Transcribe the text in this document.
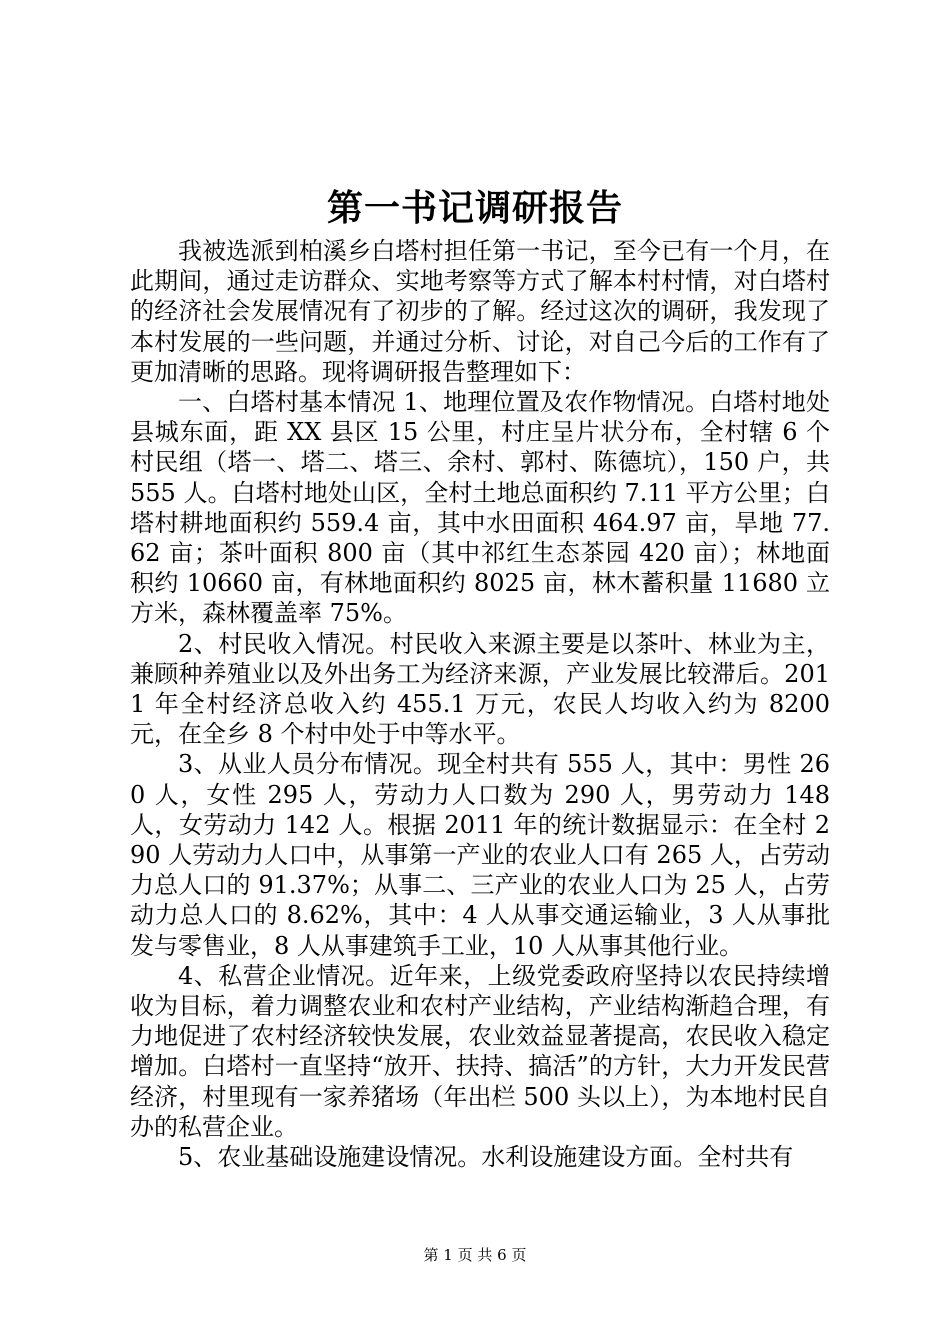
第一书记调研报告

我被选派到柏溪乡白塔村担任第一书记，至今已有一个月，在此期间，通过走访群众、实地考察等方式了解本村村情，对白塔村的经济社会发展情况有了初步的了解。经过这次的调研，我发现了本村发展的一些问题，并通过分析、讨论，对自己今后的工作有了更加清晰的思路。现将调研报告整理如下：

一、白塔村基本情况 1、地理位置及农作物情况。白塔村地处县城东面，距 XX 县区 15 公里，村庄呈片状分布，全村辖 6 个村民组（塔一、塔二、塔三、余村、郭村、陈德坑），150 户，共 555 人。白塔村地处山区，全村土地总面积约 7.11 平方公里；白塔村耕地面积约 559.4 亩，其中水田面积 464.97 亩，旱地 77.62 亩；茶叶面积 800 亩（其中祁红生态茶园 420 亩）；林地面积约 10660 亩，有林地面积约 8025 亩，林木蓄积量 11680 立方米，森林覆盖率 75%。

2、村民收入情况。村民收入来源主要是以茶叶、林业为主，兼顾种养殖业以及外出务工为经济来源，产业发展比较滞后。2011 年全村经济总收入约 455.1 万元，农民人均收入约为 8200 元，在全乡 8 个村中处于中等水平。

3、从业人员分布情况。现全村共有 555 人，其中：男性 260 人，女性 295 人，劳动力人口数为 290 人，男劳动力 148 人，女劳动力 142 人。根据 2011 年的统计数据显示：在全村 290 人劳动力人口中，从事第一产业的农业人口有 265 人，占劳动力总人口的 91.37%；从事二、三产业的农业人口为 25 人，占劳动力总人口的 8.62%，其中：4 人从事交通运输业，3 人从事批发与零售业，8 人从事建筑手工业，10 人从事其他行业。

4、私营企业情况。近年来，上级党委政府坚持以农民持续增收为目标，着力调整农业和农村产业结构，产业结构渐趋合理，有力地促进了农村经济较快发展，农业效益显著提高，农民收入稳定增加。白塔村一直坚持“放开、扶持、搞活”的方针，大力开发民营经济，村里现有一家养猪场（年出栏 500 头以上），为本地村民自办的私营企业。

5、农业基础设施建设情况。水利设施建设方面。全村共有

第 1 页 共 6 页
